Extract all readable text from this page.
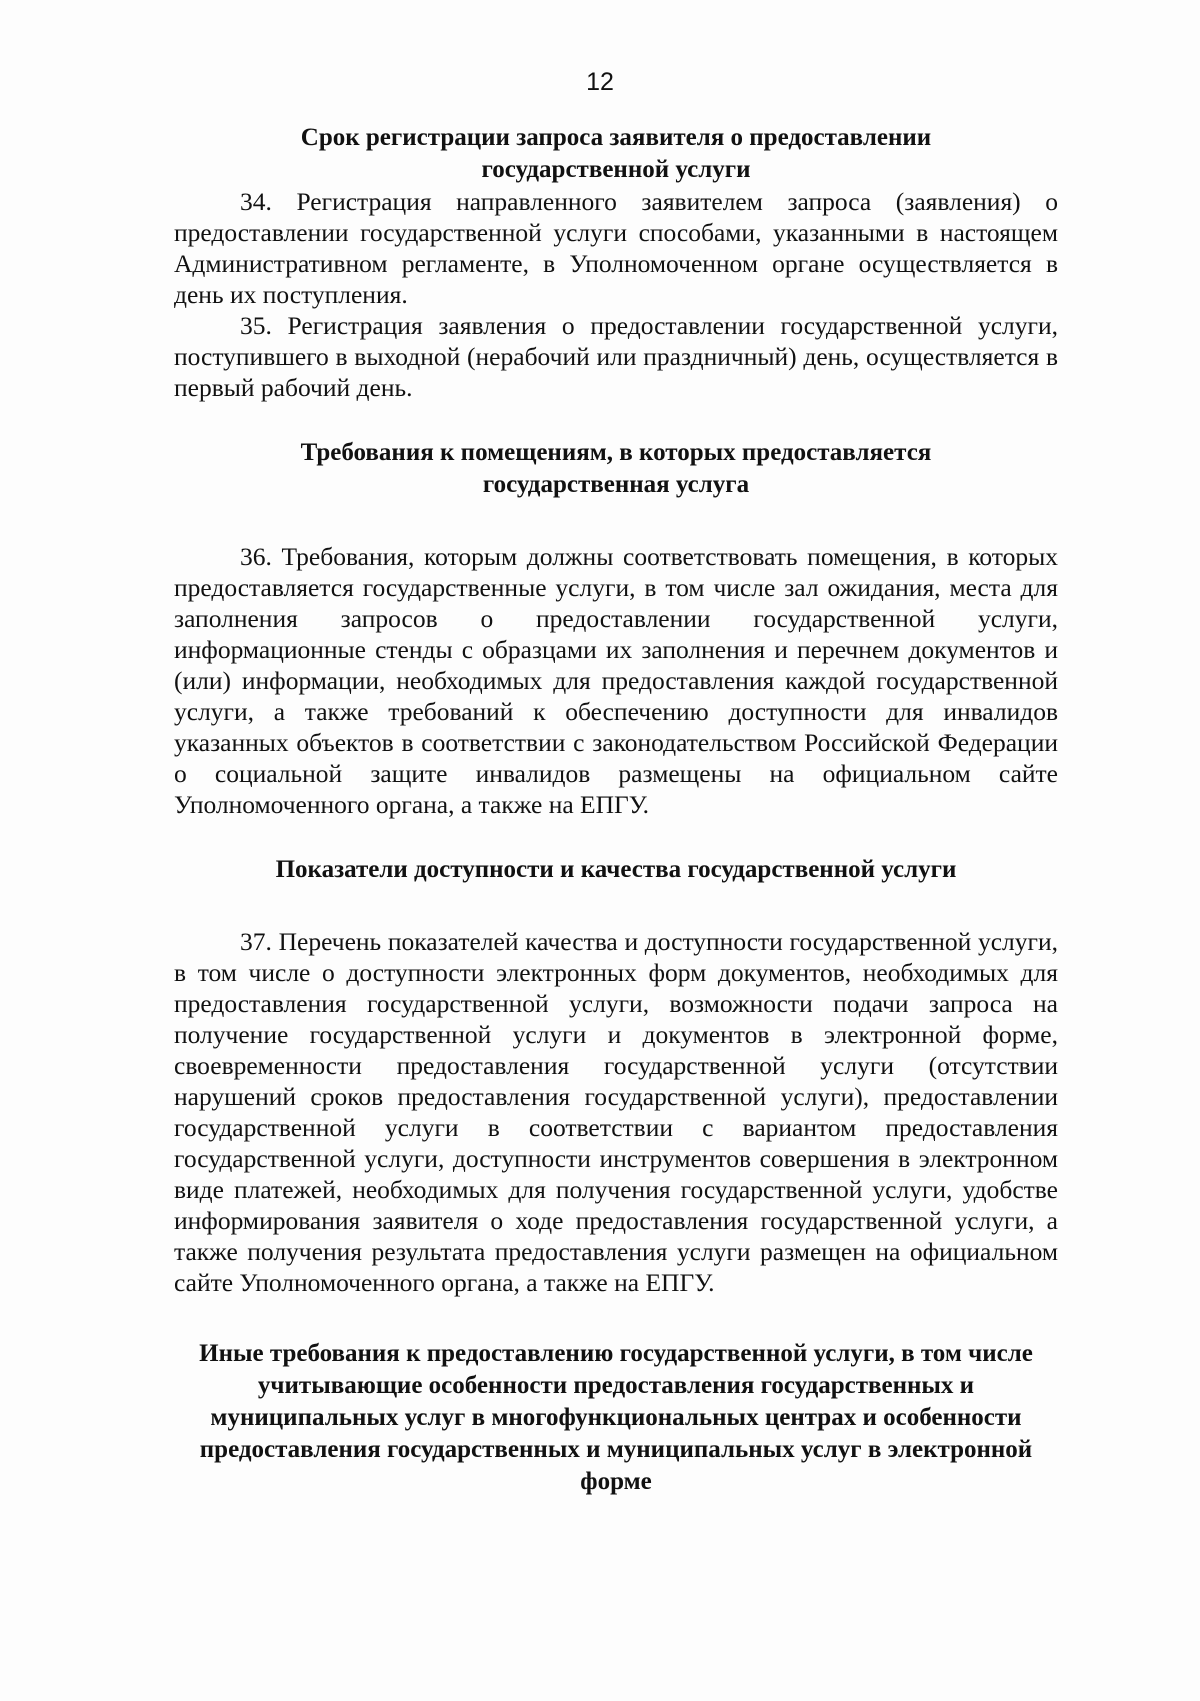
12
Срок регистрации запроса заявителя о предоставлении государственной услуги

34. Регистрация направленного заявителем запроса (заявления) о предоставлении государственной услуги способами, указанными в настоящем Административном регламенте, в Уполномоченном органе осуществляется в день их поступления.

35. Регистрация заявления о предоставлении государственной услуги, поступившего в выходной (нерабочий или праздничный) день, осуществляется в первый рабочий день.

Требования к помещениям, в которых предоставляется государственная услуга

36. Требования, которым должны соответствовать помещения, в которых предоставляется государственные услуги, в том числе зал ожидания, места для заполнения запросов о предоставлении государственной услуги, информационные стенды с образцами их заполнения и перечнем документов и (или) информации, необходимых для предоставления каждой государственной услуги, а также требований к обеспечению доступности для инвалидов указанных объектов в соответствии с законодательством Российской Федерации о социальной защите инвалидов размещены на официальном сайте Уполномоченного органа, а также на ЕПГУ.

Показатели доступности и качества государственной услуги

37. Перечень показателей качества и доступности государственной услуги, в том числе о доступности электронных форм документов, необходимых для предоставления государственной услуги, возможности подачи запроса на получение государственной услуги и документов в электронной форме, своевременности предоставления государственной услуги (отсутствии нарушений сроков предоставления государственной услуги), предоставлении государственной услуги в соответствии с вариантом предоставления государственной услуги, доступности инструментов совершения в электронном виде платежей, необходимых для получения государственной услуги, удобстве информирования заявителя о ходе предоставления государственной услуги, а также получения результата предоставления услуги размещен на официальном сайте Уполномоченного органа, а также на ЕПГУ.

Иные требования к предоставлению государственной услуги, в том числе учитывающие особенности предоставления государственных и муниципальных услуг в многофункциональных центрах и особенности предоставления государственных и муниципальных услуг в электронной форме
